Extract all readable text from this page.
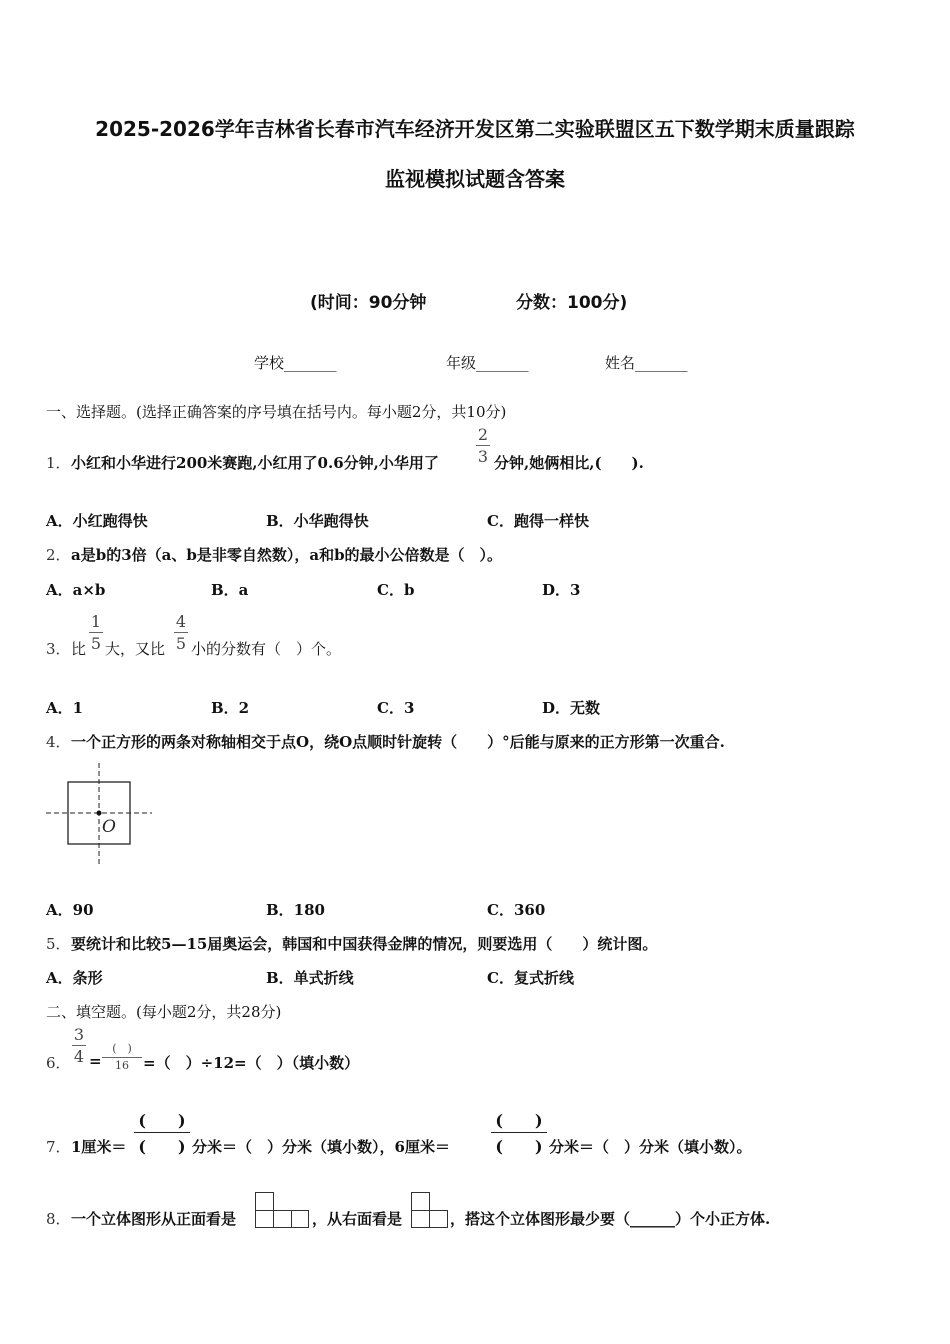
2025-2026学年吉林省长春市汽车经济开发区第二实验联盟区五下数学期末质量跟踪
监视模拟试题含答案
(时间：90分钟	分数：100分)
学校_______	年级_______	姓名_______
一、选择题。(选择正确答案的序号填在括号内。每小题2分，共10分)
1． 小红和小华进行200米赛跑,小红用了0.6分钟,小华用了
2
3 分钟,她俩相比,(　　).
A．小红跑得快	B．小华跑得快	C．跑得一样快
2． a是b的3倍（a、b是非零自然数），a和b的最小公倍数是（　）。
A．a×b	B．a	C．b	D．3
3． 比
1
5 大，又比
4
5 小的分数有（　）个。
A．1	B．2	C．3	D．无数
4． 一个正方形的两条对称轴相交于点O，绕O点顺时针旋转（　　）°后能与原来的正方形第一次重合.
O
A．90	B．180	C．360
5． 要统计和比较5—15届奥运会，韩国和中国获得金牌的情况，则要选用（　　）统计图。
A．条形	B．单式折线	C．复式折线
二、填空题。(每小题2分，共28分)
6．
3
4 =
(　)
16 =（　）÷12=（　）（填小数）
7． 1厘米＝
(　　)
(　　) 分米＝（　）分米（填小数），6厘米＝
(　　)
(　　) 分米＝（　）分米（填小数）。
8． 一个立体图形从正面看是	，从右面看是	，搭这个立体图形最少要（______）个小正方体.
